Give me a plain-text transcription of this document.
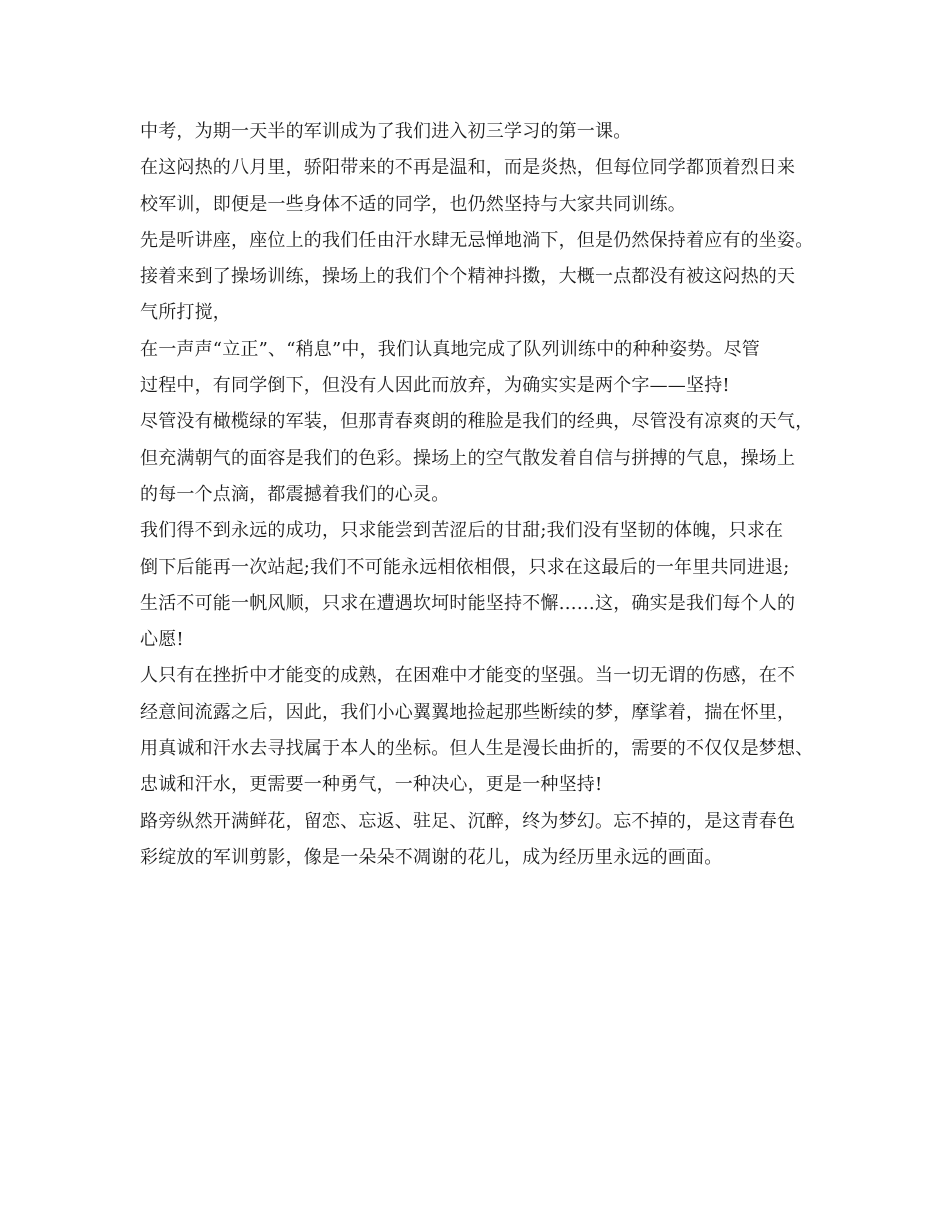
中考，为期一天半的军训成为了我们进入初三学习的第一课。
在这闷热的八月里，骄阳带来的不再是温和，而是炎热，但每位同学都顶着烈日来
校军训，即便是一些身体不适的同学，也仍然坚持与大家共同训练。
先是听讲座，座位上的我们任由汗水肆无忌惮地淌下，但是仍然保持着应有的坐姿。
接着来到了操场训练，操场上的我们个个精神抖擞，大概一点都没有被这闷热的天
气所打搅，
在一声声“立正”、“稍息”中，我们认真地完成了队列训练中的种种姿势。尽管
过程中，有同学倒下，但没有人因此而放弃，为确实实是两个字——坚持!
尽管没有橄榄绿的军装，但那青春爽朗的稚脸是我们的经典，尽管没有凉爽的天气，
但充满朝气的面容是我们的色彩。操场上的空气散发着自信与拼搏的气息，操场上
的每一个点滴，都震撼着我们的心灵。
我们得不到永远的成功，只求能尝到苦涩后的甘甜;我们没有坚韧的体魄，只求在
倒下后能再一次站起;我们不可能永远相依相偎，只求在这最后的一年里共同进退;
生活不可能一帆风顺，只求在遭遇坎坷时能坚持不懈……这，确实是我们每个人的
心愿!
人只有在挫折中才能变的成熟，在困难中才能变的坚强。当一切无谓的伤感，在不
经意间流露之后，因此，我们小心翼翼地捡起那些断续的梦，摩挲着，揣在怀里，
用真诚和汗水去寻找属于本人的坐标。但人生是漫长曲折的，需要的不仅仅是梦想、
忠诚和汗水，更需要一种勇气，一种决心，更是一种坚持!
路旁纵然开满鲜花，留恋、忘返、驻足、沉醉，终为梦幻。忘不掉的，是这青春色
彩绽放的军训剪影，像是一朵朵不凋谢的花儿，成为经历里永远的画面。
